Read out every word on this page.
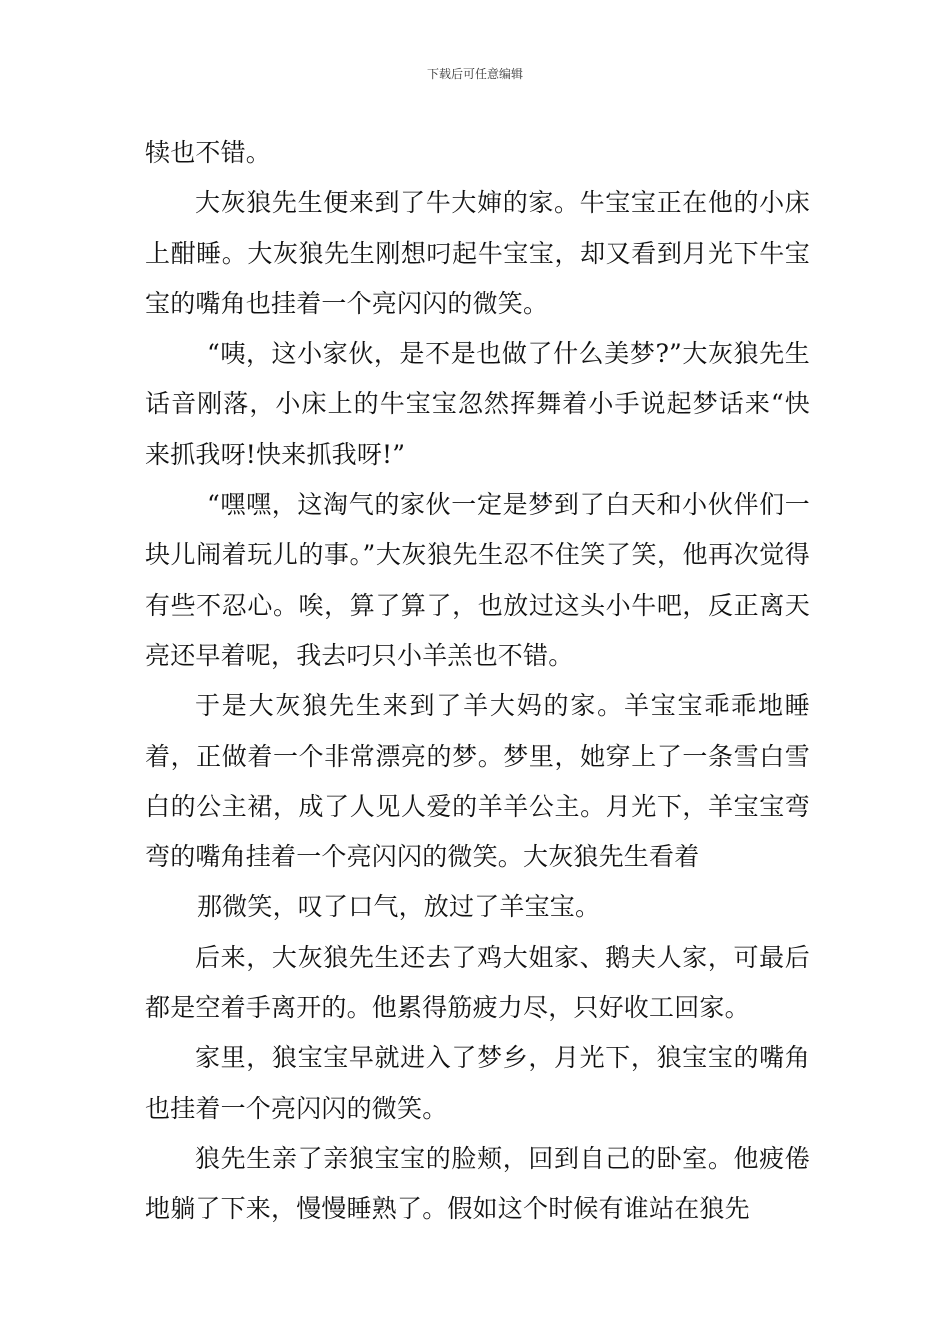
下载后可任意编辑

犊也不错。

大灰狼先生便来到了牛大婶的家。牛宝宝正在他的小床上酣睡。大灰狼先生刚想叼起牛宝宝，却又看到月光下牛宝宝的嘴角也挂着一个亮闪闪的微笑。

“咦，这小家伙，是不是也做了什么美梦?”大灰狼先生话音刚落，小床上的牛宝宝忽然挥舞着小手说起梦话来“快来抓我呀!快来抓我呀!”

“嘿嘿，这淘气的家伙一定是梦到了白天和小伙伴们一块儿闹着玩儿的事。”大灰狼先生忍不住笑了笑，他再次觉得有些不忍心。唉，算了算了，也放过这头小牛吧，反正离天亮还早着呢，我去叼只小羊羔也不错。

于是大灰狼先生来到了羊大妈的家。羊宝宝乖乖地睡着，正做着一个非常漂亮的梦。梦里，她穿上了一条雪白雪白的公主裙，成了人见人爱的羊羊公主。月光下，羊宝宝弯弯的嘴角挂着一个亮闪闪的微笑。大灰狼先生看着

那微笑，叹了口气，放过了羊宝宝。

后来，大灰狼先生还去了鸡大姐家、鹅夫人家，可最后都是空着手离开的。他累得筋疲力尽，只好收工回家。

家里，狼宝宝早就进入了梦乡，月光下，狼宝宝的嘴角也挂着一个亮闪闪的微笑。

狼先生亲了亲狼宝宝的脸颊，回到自己的卧室。他疲倦地躺了下来，慢慢睡熟了。假如这个时候有谁站在狼先
